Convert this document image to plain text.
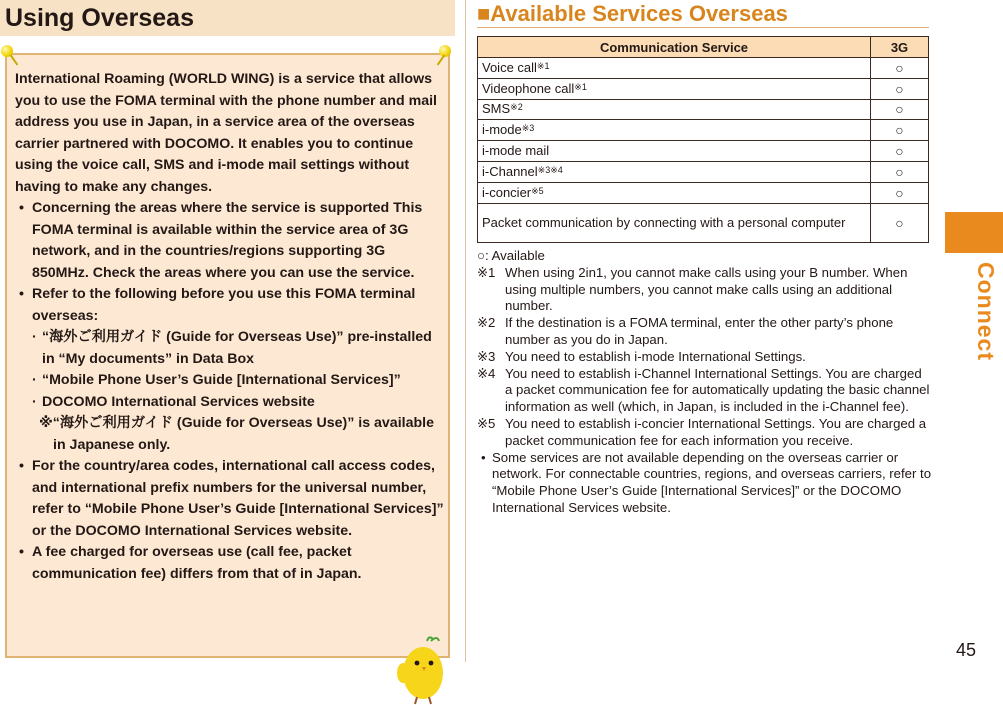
Using Overseas

International Roaming (WORLD WING) is a service that allows you to use the FOMA terminal with the phone number and mail address you use in Japan, in a service area of the overseas carrier partnered with DOCOMO. It enables you to continue using the voice call, SMS and i-mode mail settings without having to make any changes.

• Concerning the areas where the service is supported This FOMA terminal is available within the service area of 3G network, and in the countries/regions supporting 3G 850MHz. Check the areas where you can use the service.

• Refer to the following before you use this FOMA terminal overseas:

· “海外ご利用ガイド (Guide for Overseas Use)” pre-installed in “My documents” in Data Box

· “Mobile Phone User’s Guide [International Services]”

· DOCOMO International Services website

※“海外ご利用ガイド (Guide for Overseas Use)” is available in Japanese only.

• For the country/area codes, international call access codes, and international prefix numbers for the universal number, refer to “Mobile Phone User’s Guide [International Services]” or the DOCOMO International Services website.

• A fee charged for overseas use (call fee, packet communication fee) differs from that of in Japan.

■Available Services Overseas
Communication Service	3G
Voice call$^{※1}$	○
Videophone call$^{※1}$	○
SMS$^{※2}$	○
i-mode$^{※3}$	○
i-mode mail	○
i-Channel$^{※3※4}$	○
i-concier$^{※5}$	○
Packet communication by connecting with a personal computer	○
○: Available
※1 When using 2in1, you cannot make calls using your B number. When using multiple numbers, you cannot make calls using an additional number.
※2 If the destination is a FOMA terminal, enter the other party’s phone number as you do in Japan.
※3 You need to establish i-mode International Settings.
※4 You need to establish i-Channel International Settings. You are charged a packet communication fee for automatically updating the basic channel information as well (which, in Japan, is included in the i-Channel fee).
※5 You need to establish i-concier International Settings. You are charged a packet communication fee for each information you receive.
• Some services are not available depending on the overseas carrier or network. For connectable countries, regions, and overseas carriers, refer to “Mobile Phone User’s Guide [International Services]” or the DOCOMO International Services website.
Connect
45
